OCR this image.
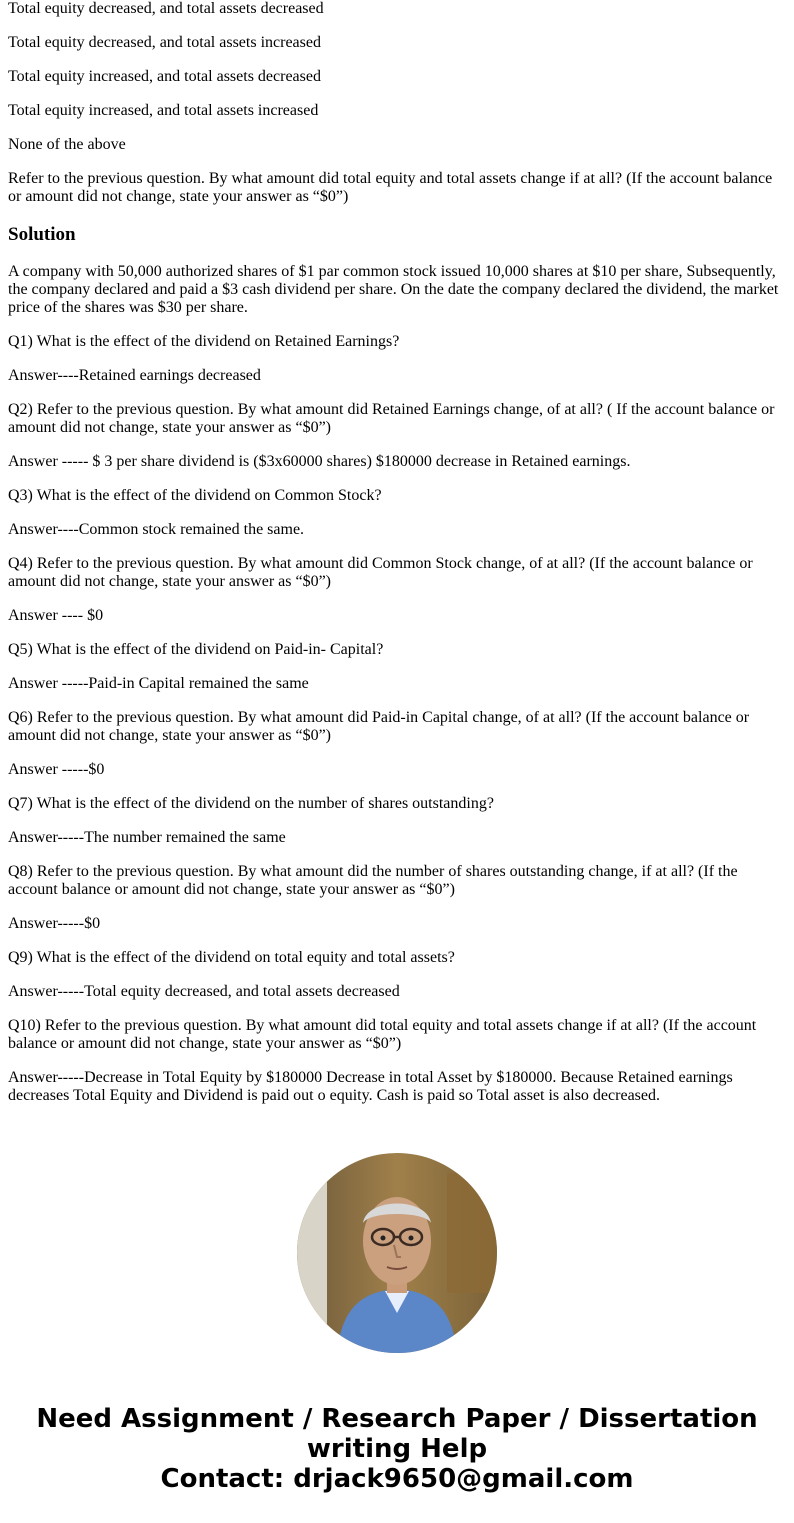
Total equity decreased, and total assets decreased

Total equity decreased, and total assets increased

Total equity increased, and total assets decreased

Total equity increased, and total assets increased

None of the above

Refer to the previous question. By what amount did total equity and total assets change if at all? (If the account balance or amount did not change, state your answer as “$0”)

Solution

A company with 50,000 authorized shares of $1 par common stock issued 10,000 shares at $10 per share, Subsequently, the company declared and paid a $3 cash dividend per share. On the date the company declared the dividend, the market price of the shares was $30 per share.

Q1) What is the effect of the dividend on Retained Earnings?

Answer----Retained earnings decreased

Q2) Refer to the previous question. By what amount did Retained Earnings change, of at all? ( If the account balance or amount did not change, state your answer as “$0”)

Answer ----- $ 3 per share dividend is ($3x60000 shares) $180000 decrease in Retained earnings.

Q3) What is the effect of the dividend on Common Stock?

Answer----Common stock remained the same.

Q4) Refer to the previous question. By what amount did Common Stock change, of at all? (If the account balance or amount did not change, state your answer as “$0”)

Answer ---- $0

Q5) What is the effect of the dividend on Paid-in- Capital?

Answer -----Paid-in Capital remained the same

Q6) Refer to the previous question. By what amount did Paid-in Capital change, of at all? (If the account balance or amount did not change, state your answer as “$0”)

Answer -----$0

Q7) What is the effect of the dividend on the number of shares outstanding?

Answer-----The number remained the same

Q8) Refer to the previous question. By what amount did the number of shares outstanding change, if at all? (If the account balance or amount did not change, state your answer as “$0”)

Answer-----$0

Q9) What is the effect of the dividend on total equity and total assets?

Answer-----Total equity decreased, and total assets decreased

Q10) Refer to the previous question. By what amount did total equity and total assets change if at all? (If the account balance or amount did not change, state your answer as “$0”)

Answer-----Decrease in Total Equity by $180000 Decrease in total Asset by $180000. Because Retained earnings decreases Total Equity and Dividend is paid out o equity. Cash is paid so Total asset is also decreased.

Need Assignment / Research Paper / Dissertation writing Help
Contact: drjack9650@gmail.com
